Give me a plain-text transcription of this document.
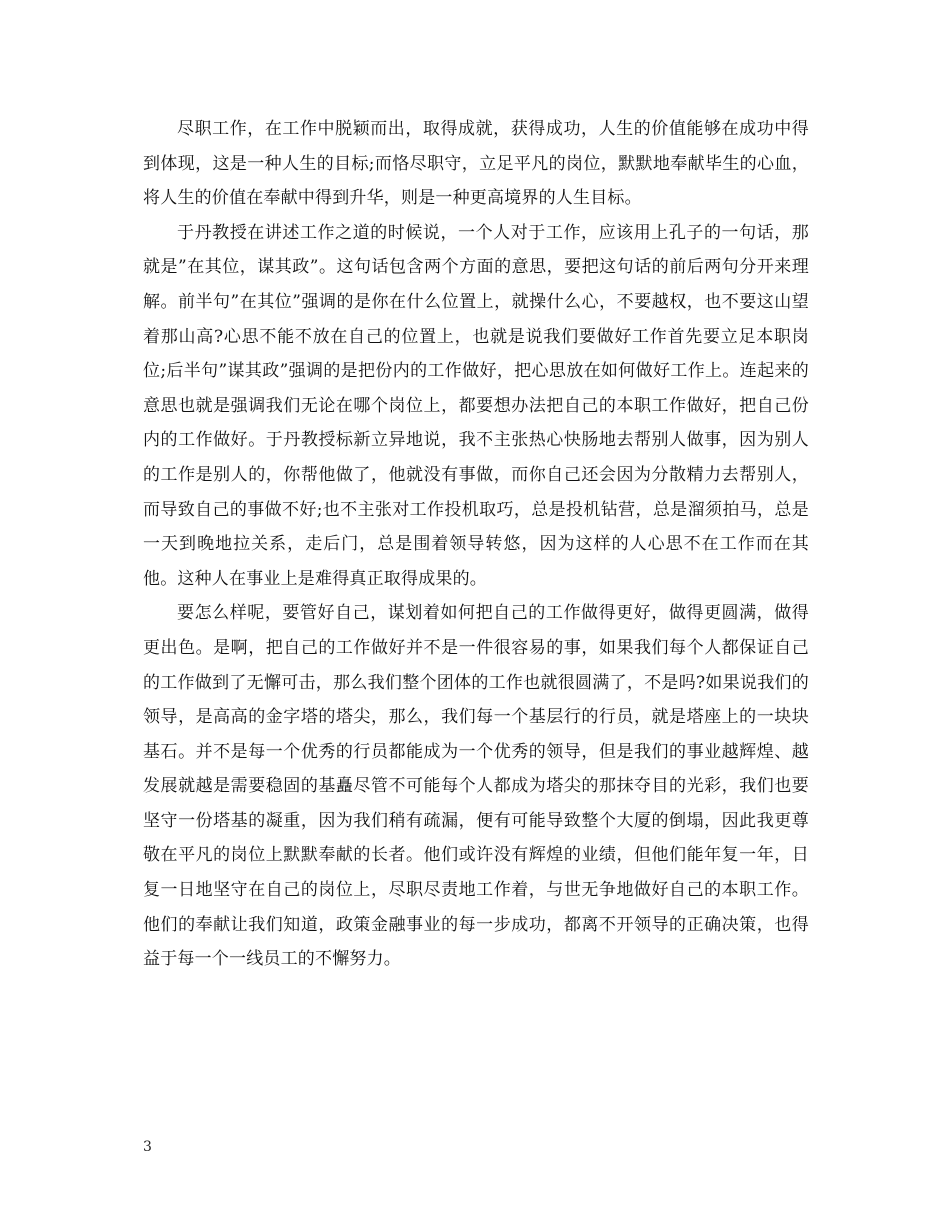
尽职工作，在工作中脱颖而出，取得成就，获得成功，人生的价值能够在成功中得到体现，这是一种人生的目标;而恪尽职守，立足平凡的岗位，默默地奉献毕生的心血，将人生的价值在奉献中得到升华，则是一种更高境界的人生目标。

于丹教授在讲述工作之道的时候说，一个人对于工作，应该用上孔子的一句话，那就是”在其位，谋其政”。这句话包含两个方面的意思，要把这句话的前后两句分开来理解。前半句”在其位”强调的是你在什么位置上，就操什么心，不要越权，也不要这山望着那山高?心思不能不放在自己的位置上，也就是说我们要做好工作首先要立足本职岗位;后半句”谋其政”强调的是把份内的工作做好，把心思放在如何做好工作上。连起来的意思也就是强调我们无论在哪个岗位上，都要想办法把自己的本职工作做好，把自己份内的工作做好。于丹教授标新立异地说，我不主张热心快肠地去帮别人做事，因为别人的工作是别人的，你帮他做了，他就没有事做，而你自己还会因为分散精力去帮别人，而导致自己的事做不好;也不主张对工作投机取巧，总是投机钻营，总是溜须拍马，总是一天到晚地拉关系，走后门，总是围着领导转悠，因为这样的人心思不在工作而在其他。这种人在事业上是难得真正取得成果的。

要怎么样呢，要管好自己，谋划着如何把自己的工作做得更好，做得更圆满，做得更出色。是啊，把自己的工作做好并不是一件很容易的事，如果我们每个人都保证自己的工作做到了无懈可击，那么我们整个团体的工作也就很圆满了，不是吗?如果说我们的领导，是高高的金字塔的塔尖，那么，我们每一个基层行的行员，就是塔座上的一块块基石。并不是每一个优秀的行员都能成为一个优秀的领导，但是我们的事业越辉煌、越发展就越是需要稳固的基矗尽管不可能每个人都成为塔尖的那抹夺目的光彩，我们也要坚守一份塔基的凝重，因为我们稍有疏漏，便有可能导致整个大厦的倒塌，因此我更尊敬在平凡的岗位上默默奉献的长者。他们或许没有辉煌的业绩，但他们能年复一年，日复一日地坚守在自己的岗位上，尽职尽责地工作着，与世无争地做好自己的本职工作。他们的奉献让我们知道，政策金融事业的每一步成功，都离不开领导的正确决策，也得益于每一个一线员工的不懈努力。

3
